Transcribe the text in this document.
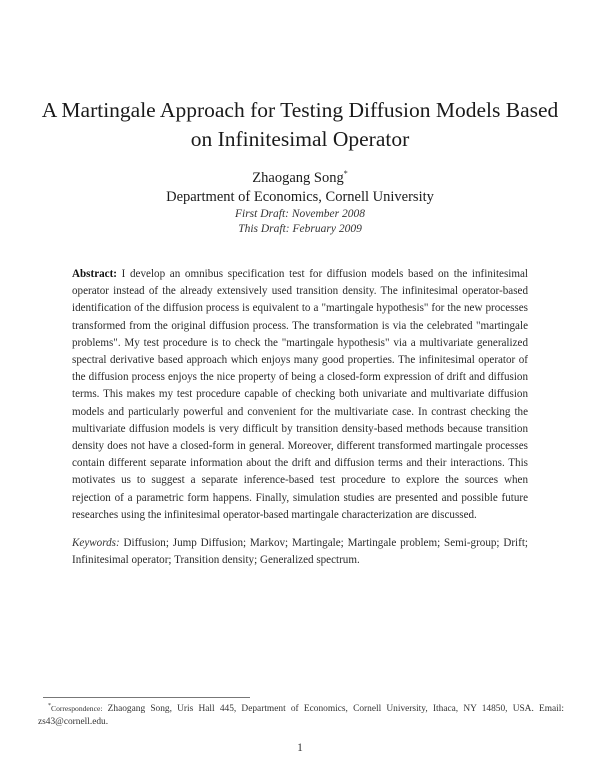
A Martingale Approach for Testing Diffusion Models Based
on Infinitesimal Operator
Zhaogang Song*
Department of Economics, Cornell University
First Draft: November 2008
This Draft: February 2009
Abstract: I develop an omnibus specification test for diffusion models based on the infinitesimal operator instead of the already extensively used transition density. The infinitesimal operator-based identification of the diffusion process is equivalent to a "martingale hypothesis" for the new processes transformed from the original diffusion process. The transformation is via the celebrated "martingale problems". My test procedure is to check the "martingale hypothesis" via a multivariate generalized spectral derivative based approach which enjoys many good properties. The infinitesimal operator of the diffusion process enjoys the nice property of being a closed-form expression of drift and diffusion terms. This makes my test procedure capable of checking both univariate and multivariate diffusion models and particularly powerful and convenient for the multivariate case. In contrast checking the multivariate diffusion models is very difficult by transition density-based methods because transition density does not have a closed-form in general. Moreover, different transformed martingale processes contain different separate information about the drift and diffusion terms and their interactions. This motivates us to suggest a separate inference-based test procedure to explore the sources when rejection of a parametric form happens. Finally, simulation studies are presented and possible future researches using the infinitesimal operator-based martingale characterization are discussed.
Keywords: Diffusion; Jump Diffusion; Markov; Martingale; Martingale problem; Semi-group; Drift; Infinitesimal operator; Transition density; Generalized spectrum.
*Correspondence: Zhaogang Song, Uris Hall 445, Department of Economics, Cornell University, Ithaca, NY 14850, USA. Email: zs43@cornell.edu.
1
